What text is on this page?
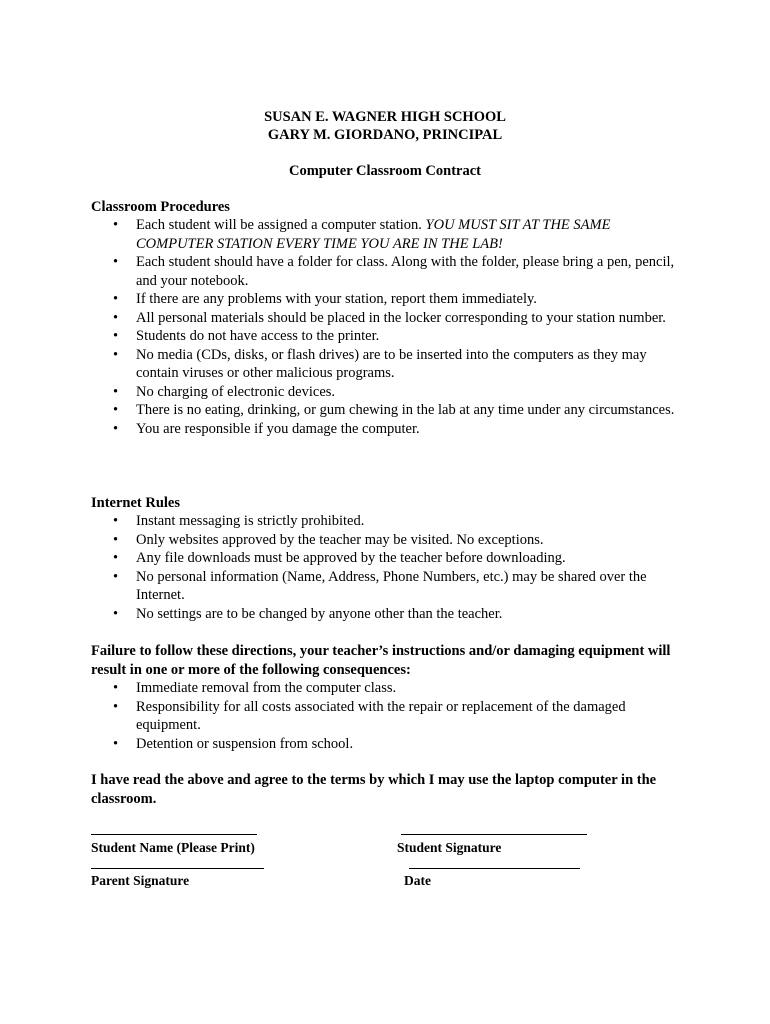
SUSAN E. WAGNER HIGH SCHOOL
GARY M. GIORDANO, PRINCIPAL
Computer Classroom Contract
Classroom Procedures
• Each student will be assigned a computer station. YOU MUST SIT AT THE SAME COMPUTER STATION EVERY TIME YOU ARE IN THE LAB!
• Each student should have a folder for class. Along with the folder, please bring a pen, pencil, and your notebook.
• If there are any problems with your station, report them immediately.
• All personal materials should be placed in the locker corresponding to your station number.
• Students do not have access to the printer.
• No media (CDs, disks, or flash drives) are to be inserted into the computers as they may contain viruses or other malicious programs.
• No charging of electronic devices.
• There is no eating, drinking, or gum chewing in the lab at any time under any circumstances.
• You are responsible if you damage the computer.
Internet Rules
• Instant messaging is strictly prohibited.
• Only websites approved by the teacher may be visited. No exceptions.
• Any file downloads must be approved by the teacher before downloading.
• No personal information (Name, Address, Phone Numbers, etc.) may be shared over the Internet.
• No settings are to be changed by anyone other than the teacher.
Failure to follow these directions, your teacher’s instructions and/or damaging equipment will result in one or more of the following consequences:
• Immediate removal from the computer class.
• Responsibility for all costs associated with the repair or replacement of the damaged equipment.
• Detention or suspension from school.
I have read the above and agree to the terms by which I may use the laptop computer in the classroom.
Student Name (Please Print)	Student Signature
Parent Signature	Date
